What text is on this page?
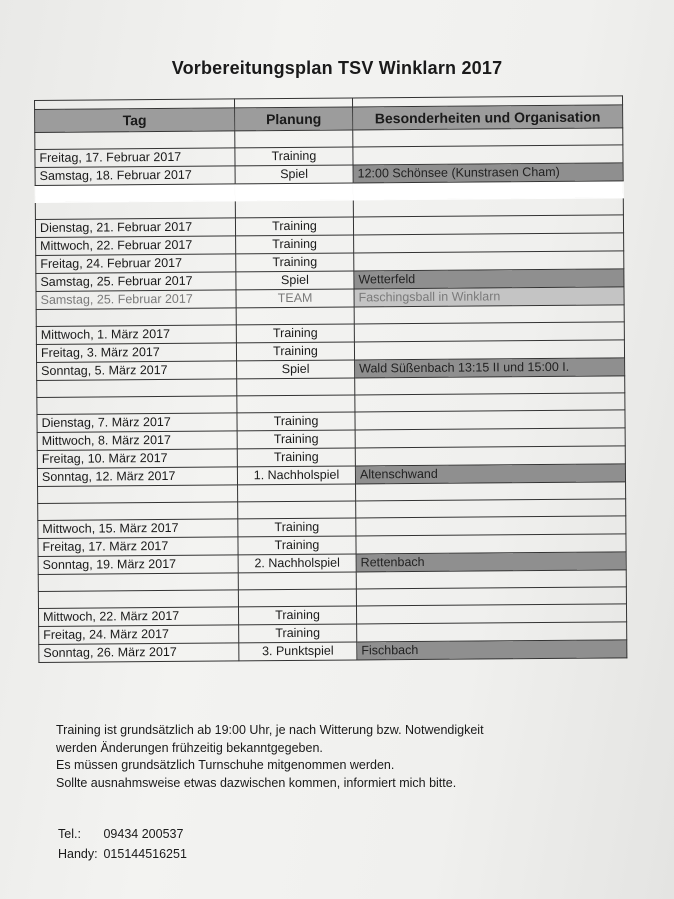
Vorbereitungsplan TSV Winklarn 2017

Tag	Planung	Besonderheiten und Organisation

Freitag, 17. Februar 2017	Training	
Samstag, 18. Februar 2017	Spiel	12:00 Schönsee (Kunstrasen Cham)

Dienstag, 21. Februar 2017	Training	
Mittwoch, 22. Februar 2017	Training	
Freitag, 24. Februar 2017	Training	
Samstag, 25. Februar 2017	Spiel	Wetterfeld
Samstag, 25. Februar 2017	TEAM	Faschingsball in Winklarn

Mittwoch, 1. März 2017	Training	
Freitag, 3. März 2017	Training	
Sonntag, 5. März 2017	Spiel	Wald Süßenbach 13:15 II und 15:00 I.

Dienstag, 7. März 2017	Training	
Mittwoch, 8. März 2017	Training	
Freitag, 10. März 2017	Training	
Sonntag, 12. März 2017	1. Nachholspiel	Altenschwand

Mittwoch, 15. März 2017	Training	
Freitag, 17. März 2017	Training	
Sonntag, 19. März 2017	2. Nachholspiel	Rettenbach

Mittwoch, 22. März 2017	Training	
Freitag, 24. März 2017	Training	
Sonntag, 26. März 2017	3. Punktspiel	Fischbach

Training ist grundsätzlich ab 19:00 Uhr, je nach Witterung bzw. Notwendigkeit

werden Änderungen frühzeitig bekanntgegeben.

Es müssen grundsätzlich Turnschuhe mitgenommen werden.

Sollte ausnahmsweise etwas dazwischen kommen, informiert mich bitte.

Tel.: 09434 200537
Handy: 015144516251
